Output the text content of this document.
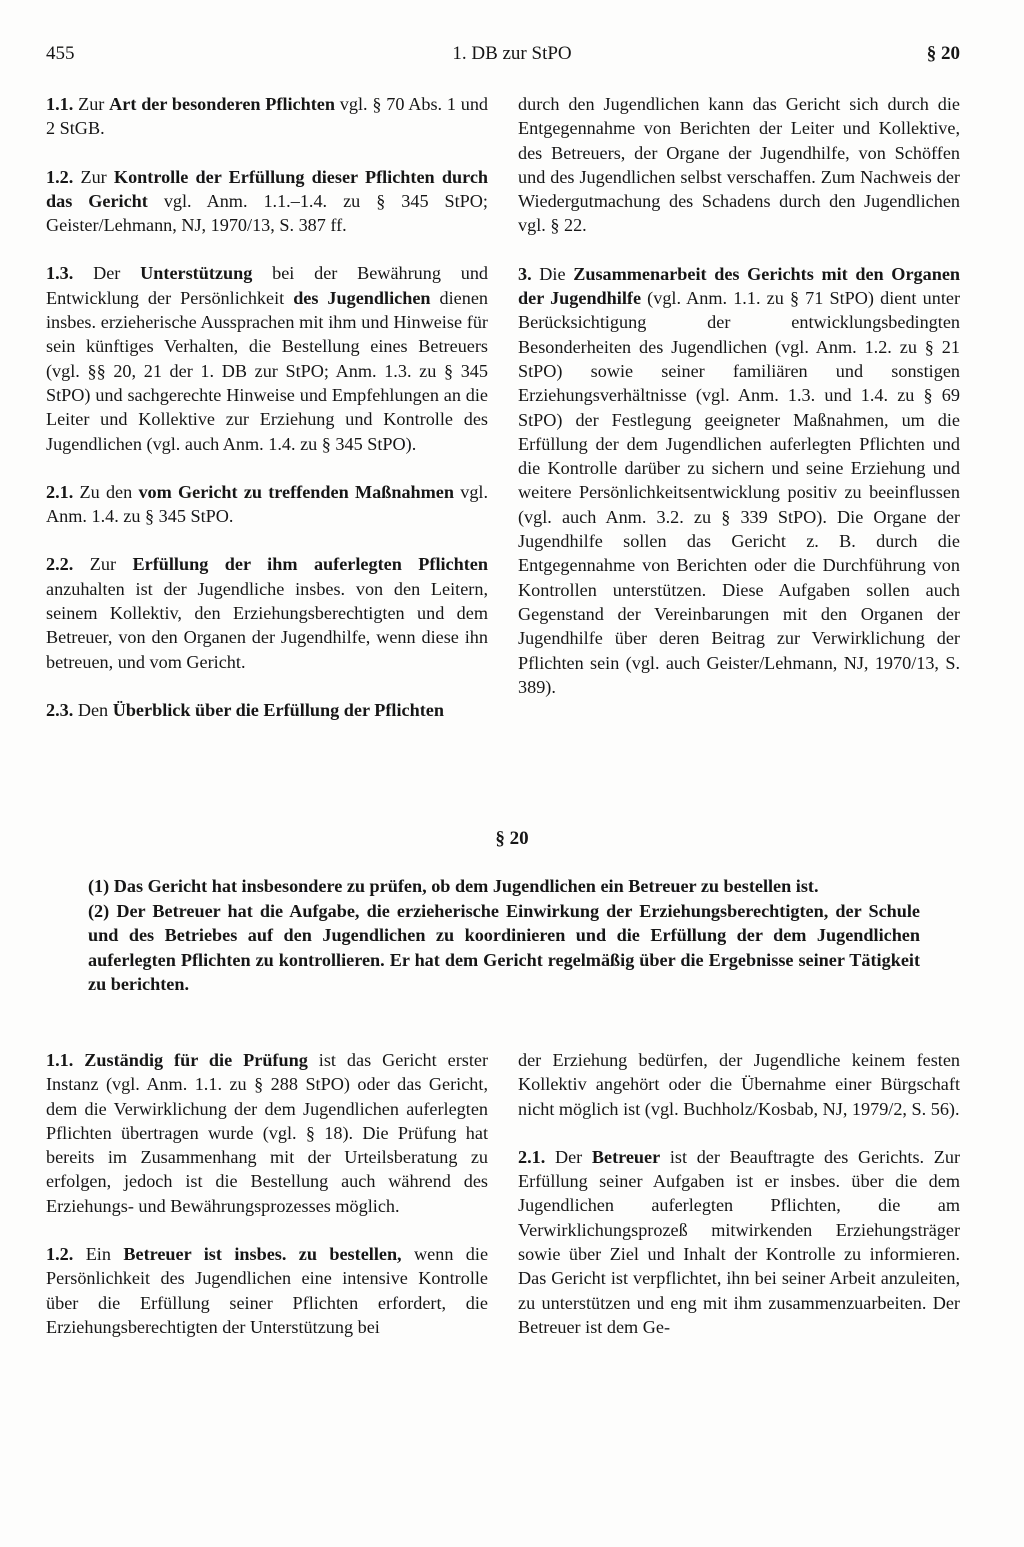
455	1. DB zur StPO	§ 20

1.1. Zur Art der besonderen Pflichten vgl. § 70 Abs. 1 und 2 StGB.

1.2. Zur Kontrolle der Erfüllung dieser Pflichten durch das Gericht vgl. Anm. 1.1.–1.4. zu § 345 StPO; Geister/Lehmann, NJ, 1970/13, S. 387 ff.

1.3. Der Unterstützung bei der Bewährung und Entwicklung der Persönlichkeit des Jugendlichen dienen insbes. erzieherische Aussprachen mit ihm und Hinweise für sein künftiges Verhalten, die Bestellung eines Betreuers (vgl. §§ 20, 21 der 1. DB zur StPO; Anm. 1.3. zu § 345 StPO) und sachgerechte Hinweise und Empfehlungen an die Leiter und Kollektive zur Erziehung und Kontrolle des Jugendlichen (vgl. auch Anm. 1.4. zu § 345 StPO).

2.1. Zu den vom Gericht zu treffenden Maßnahmen vgl. Anm. 1.4. zu § 345 StPO.

2.2. Zur Erfüllung der ihm auferlegten Pflichten anzuhalten ist der Jugendliche insbes. von den Leitern, seinem Kollektiv, den Erziehungsberechtigten und dem Betreuer, von den Organen der Jugendhilfe, wenn diese ihn betreuen, und vom Gericht.

2.3. Den Überblick über die Erfüllung der Pflichten

durch den Jugendlichen kann das Gericht sich durch die Entgegennahme von Berichten der Leiter und Kollektive, des Betreuers, der Organe der Jugendhilfe, von Schöffen und des Jugendlichen selbst verschaffen. Zum Nachweis der Wiedergutmachung des Schadens durch den Jugendlichen vgl. § 22.

3. Die Zusammenarbeit des Gerichts mit den Organen der Jugendhilfe (vgl. Anm. 1.1. zu § 71 StPO) dient unter Berücksichtigung der entwicklungsbedingten Besonderheiten des Jugendlichen (vgl. Anm. 1.2. zu § 21 StPO) sowie seiner familiären und sonstigen Erziehungsverhältnisse (vgl. Anm. 1.3. und 1.4. zu § 69 StPO) der Festlegung geeigneter Maßnahmen, um die Erfüllung der dem Jugendlichen auferlegten Pflichten und die Kontrolle darüber zu sichern und seine Erziehung und weitere Persönlichkeitsentwicklung positiv zu beeinflussen (vgl. auch Anm. 3.2. zu § 339 StPO). Die Organe der Jugendhilfe sollen das Gericht z. B. durch die Entgegennahme von Berichten oder die Durchführung von Kontrollen unterstützen. Diese Aufgaben sollen auch Gegenstand der Vereinbarungen mit den Organen der Jugendhilfe über deren Beitrag zur Verwirklichung der Pflichten sein (vgl. auch Geister/Lehmann, NJ, 1970/13, S. 389).

§ 20

(1) Das Gericht hat insbesondere zu prüfen, ob dem Jugendlichen ein Betreuer zu bestellen ist.

(2) Der Betreuer hat die Aufgabe, die erzieherische Einwirkung der Erziehungsberechtigten, der Schule und des Betriebes auf den Jugendlichen zu koordinieren und die Erfüllung der dem Jugendlichen auferlegten Pflichten zu kontrollieren. Er hat dem Gericht regelmäßig über die Ergebnisse seiner Tätigkeit zu berichten.

1.1. Zuständig für die Prüfung ist das Gericht erster Instanz (vgl. Anm. 1.1. zu § 288 StPO) oder das Gericht, dem die Verwirklichung der dem Jugendlichen auferlegten Pflichten übertragen wurde (vgl. § 18). Die Prüfung hat bereits im Zusammenhang mit der Urteilsberatung zu erfolgen, jedoch ist die Bestellung auch während des Erziehungs- und Bewährungsprozesses möglich.

1.2. Ein Betreuer ist insbes. zu bestellen, wenn die Persönlichkeit des Jugendlichen eine intensive Kontrolle über die Erfüllung seiner Pflichten erfordert, die Erziehungsberechtigten der Unterstützung bei

der Erziehung bedürfen, der Jugendliche keinem festen Kollektiv angehört oder die Übernahme einer Bürgschaft nicht möglich ist (vgl. Buchholz/Kosbab, NJ, 1979/2, S. 56).

2.1. Der Betreuer ist der Beauftragte des Gerichts. Zur Erfüllung seiner Aufgaben ist er insbes. über die dem Jugendlichen auferlegten Pflichten, die am Verwirklichungsprozeß mitwirkenden Erziehungsträger sowie über Ziel und Inhalt der Kontrolle zu informieren. Das Gericht ist verpflichtet, ihn bei seiner Arbeit anzuleiten, zu unterstützen und eng mit ihm zusammenzuarbeiten. Der Betreuer ist dem Ge-
